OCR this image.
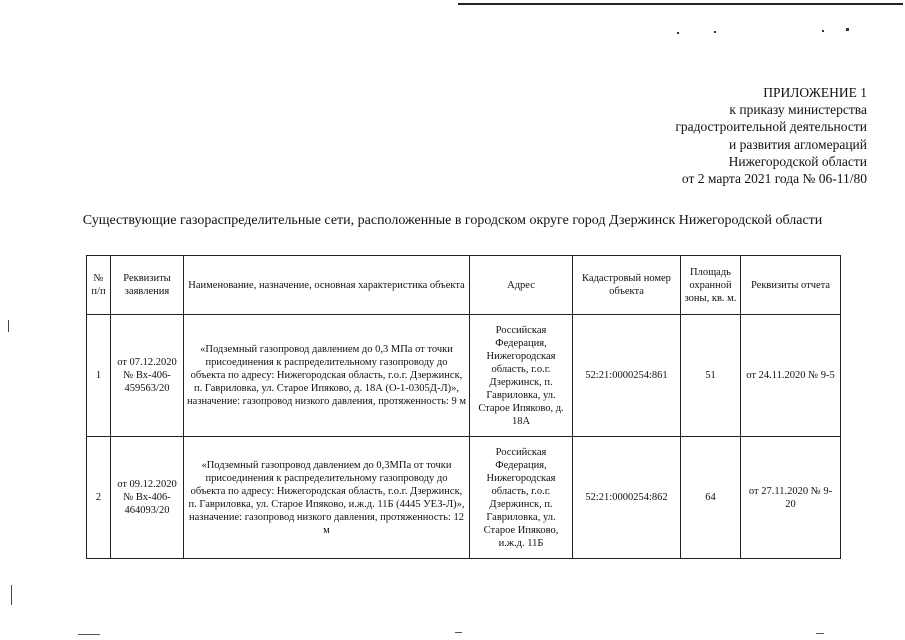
ПРИЛОЖЕНИЕ 1
к приказу министерства
градостроительной деятельности
и развития агломераций
Нижегородской области
от 2 марта 2021 года № 06-11/80
Существующие газораспределительные сети, расположенные в городском округе город Дзержинск Нижегородской области
№ п/п	Реквизиты заявления	Наименование, назначение, основная характеристика объекта	Адрес	Кадастровый номер объекта	Площадь охранной зоны, кв. м.	Реквизиты отчета
1	от 07.12.2020 № Вх-406-459563/20	«Подземный газопровод давлением до 0,3 МПа от точки присоединения к распределительному газопроводу до объекта по адресу: Нижегородская область, г.о.г. Дзержинск, п. Гавриловка, ул. Старое Ипяково, д. 18А (О-1-0305Д-Л)», назначение: газопровод низкого давления, протяженность: 9 м	Российская Федерация, Нижегородская область, г.о.г. Дзержинск, п. Гавриловка, ул. Старое Ипяково, д. 18А	52:21:0000254:861	51	от 24.11.2020 № 9-5
2	от 09.12.2020 № Вх-406-464093/20	«Подземный газопровод давлением до 0,3МПа от точки присоединения к распределительному газопроводу до объекта по адресу: Нижегородская область, г.о.г. Дзержинск, п. Гавриловка, ул. Старое Ипяково, и.ж.д. 11Б (4445 УЕЗ-Л)», назначение: газопровод низкого давления, протяженность: 12 м	Российская Федерация, Нижегородская область, г.о.г. Дзержинск, п. Гавриловка, ул. Старое Ипяково, и.ж.д. 11Б	52:21:0000254:862	64	от 27.11.2020 № 9-20
